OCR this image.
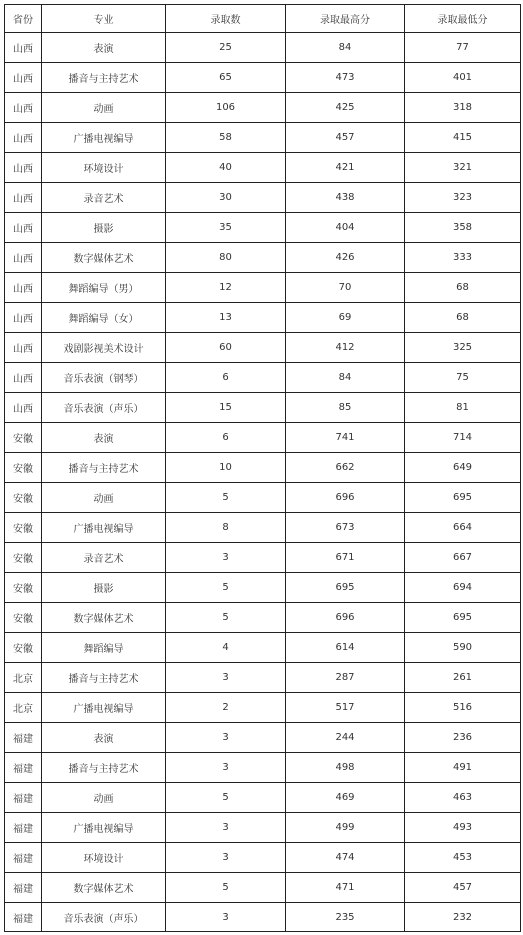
省份	专业	录取数	录取最高分	录取最低分
山西	表演	25	84	77
山西	播音与主持艺术	65	473	401
山西	动画	106	425	318
山西	广播电视编导	58	457	415
山西	环境设计	40	421	321
山西	录音艺术	30	438	323
山西	摄影	35	404	358
山西	数字媒体艺术	80	426	333
山西	舞蹈编导（男）	12	70	68
山西	舞蹈编导（女）	13	69	68
山西	戏剧影视美术设计	60	412	325
山西	音乐表演（钢琴）	6	84	75
山西	音乐表演（声乐）	15	85	81
安徽	表演	6	741	714
安徽	播音与主持艺术	10	662	649
安徽	动画	5	696	695
安徽	广播电视编导	8	673	664
安徽	录音艺术	3	671	667
安徽	摄影	5	695	694
安徽	数字媒体艺术	5	696	695
安徽	舞蹈编导	4	614	590
北京	播音与主持艺术	3	287	261
北京	广播电视编导	2	517	516
福建	表演	3	244	236
福建	播音与主持艺术	3	498	491
福建	动画	5	469	463
福建	广播电视编导	3	499	493
福建	环境设计	3	474	453
福建	数字媒体艺术	5	471	457
福建	音乐表演（声乐）	3	235	232
